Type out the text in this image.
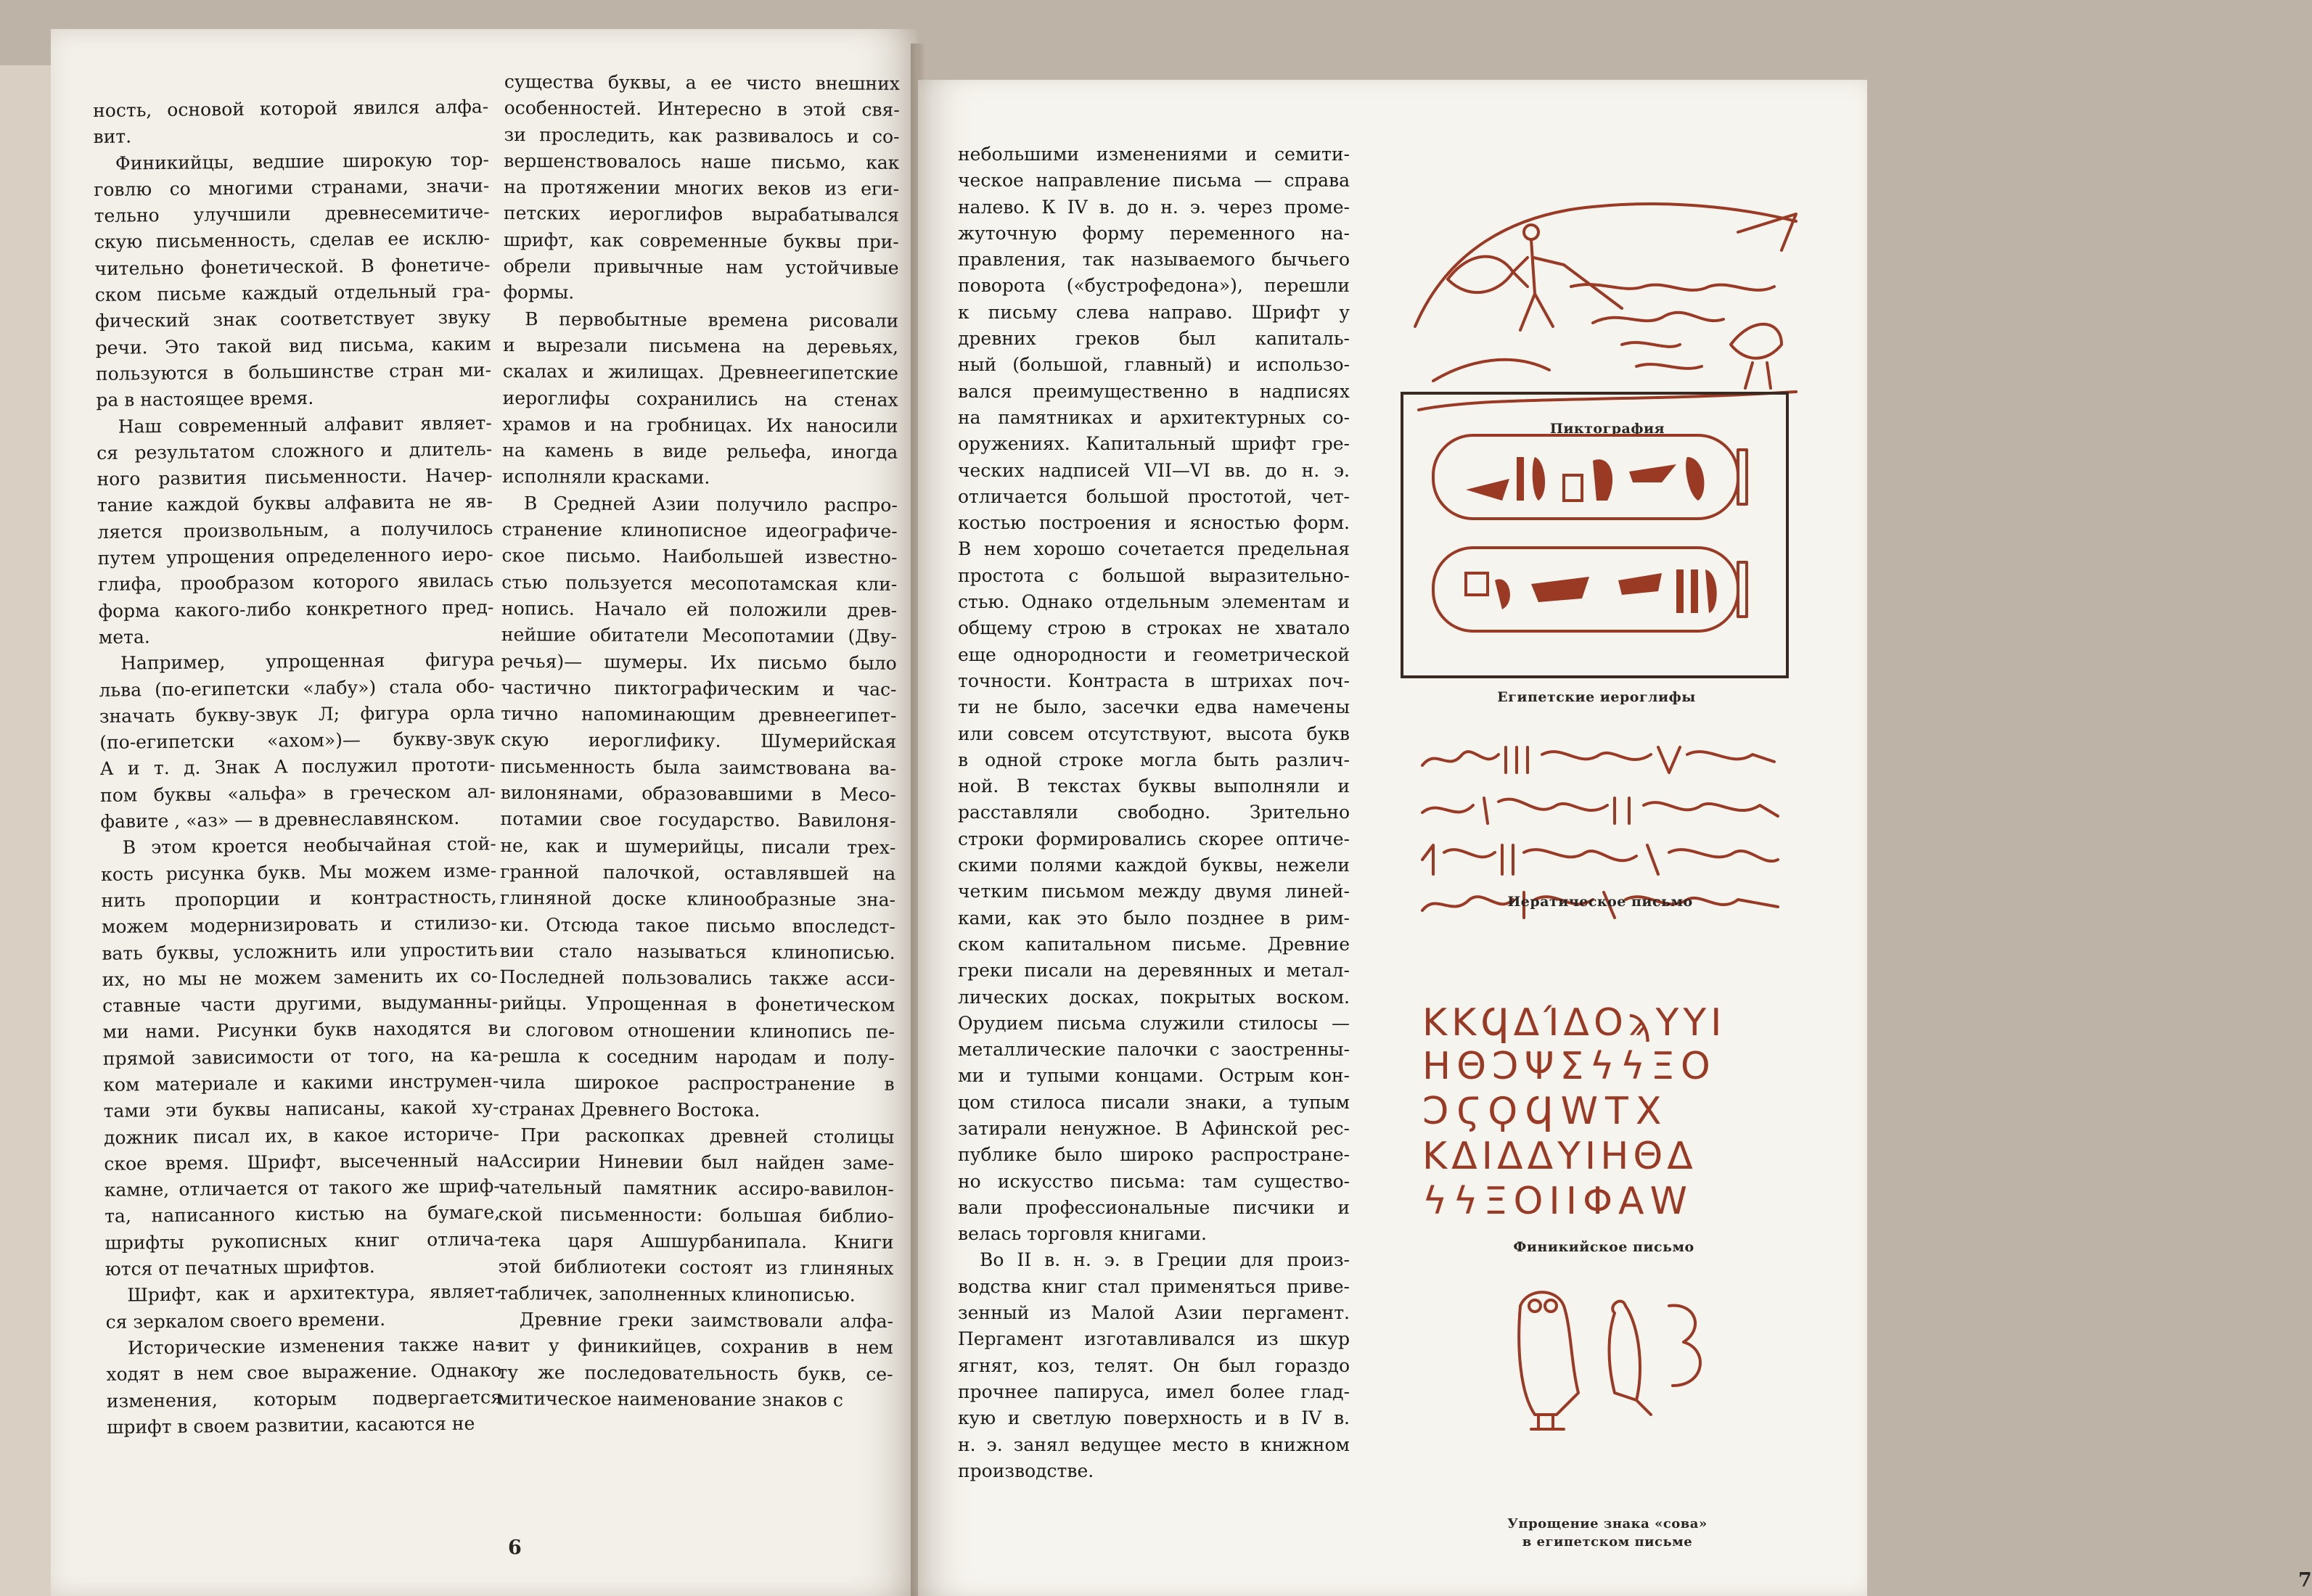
ность, основой которой явился алфа-
вит.

Финикийцы, ведшие широкую тор-
говлю со многими странами, значи-
тельно улучшили древнесемитиче-
скую письменность, сделав ее исклю-
чительно фонетической. В фонетиче-
ском письме каждый отдельный гра-
фический знак соответствует звуку
речи. Это такой вид письма, каким
пользуются в большинстве стран ми-
ра в настоящее время.

Наш современный алфавит являет-
ся результатом сложного и длитель-
ного развития письменности. Начер-
тание каждой буквы алфавита не яв-
ляется произвольным, а получилось
путем упрощения определенного иеро-
глифа, прообразом которого явилась
форма какого-либо конкретного пред-
мета.

Например, упрощенная фигура
льва (по-египетски «лабу») стала обо-
значать букву-звук Л; фигура орла
(по-египетски «ахом»)— букву-звук
А и т. д. Знак А послужил прототи-
пом буквы «альфа» в греческом ал-
фавите , «аз» — в древнеславянском.

В этом кроется необычайная стой-
кость рисунка букв. Мы можем изме-
нить пропорции и контрастность,
можем модернизировать и стилизо-
вать буквы, усложнить или упростить
их, но мы не можем заменить их со-
ставные части другими, выдуманны-
ми нами. Рисунки букв находятся в
прямой зависимости от того, на ка-
ком материале и какими инструмен-
тами эти буквы написаны, какой ху-
дожник писал их, в какое историче-
ское время. Шрифт, высеченный на
камне, отличается от такого же шриф-
та, написанного кистью на бумаге,
шрифты рукописных книг отлича-
ются от печатных шрифтов.

Шрифт, как и архитектура, являет-
ся зеркалом своего времени.

Исторические изменения также на-
ходят в нем свое выражение. Однако
изменения, которым подвергается
шрифт в своем развитии, касаются не

существа буквы, а ее чисто внешних
особенностей. Интересно в этой свя-
зи проследить, как развивалось и со-
вершенствовалось наше письмо, как
на протяжении многих веков из еги-
петских иероглифов вырабатывался
шрифт, как современные буквы при-
обрели привычные нам устойчивые
формы.

В первобытные времена рисовали
и вырезали письмена на деревьях,
скалах и жилищах. Древнеегипетские
иероглифы сохранились на стенах
храмов и на гробницах. Их наносили
на камень в виде рельефа, иногда
исполняли красками.

В Средней Азии получило распро-
странение клинописное идеографиче-
ское письмо. Наибольшей известно-
стью пользуется месопотамская кли-
нопись. Начало ей положили древ-
нейшие обитатели Месопотамии (Дву-
речья)— шумеры. Их письмо было
частично пиктографическим и час-
тично напоминающим древнеегипет-
скую иероглифику. Шумерийская
письменность была заимствована ва-
вилонянами, образовавшими в Месо-
потамии свое государство. Вавилоня-
не, как и шумерийцы, писали трех-
гранной палочкой, оставлявшей на
глиняной доске клинообразные зна-
ки. Отсюда такое письмо впоследст-
вии стало называться клинописью.
Последней пользовались также асси-
рийцы. Упрощенная в фонетическом
и слоговом отношении клинопись пе-
решла к соседним народам и полу-
чила широкое распространение в
странах Древнего Востока.

При раскопках древней столицы
Ассирии Ниневии был найден заме-
чательный памятник ассиро-вавилон-
ской письменности: большая библио-
тека царя Ашшурбанипала. Книги
этой библиотеки состоят из глиняных
табличек, заполненных клинописью.

Древние греки заимствовали алфа-
вит у финикийцев, сохранив в нем
ту же последовательность букв, се-
митическое наименование знаков с

6

небольшими изменениями и семити-
ческое направление письма — справа
налево. К IV в. до н. э. через проме-
жуточную форму переменного на-
правления, так называемого бычьего
поворота («бустрофедона»), перешли
к письму слева направо. Шрифт у
древних греков был капиталь-
ный (большой, главный) и использо-
вался преимущественно в надписях
на памятниках и архитектурных со-
оружениях. Капитальный шрифт гре-
ческих надписей VII—VI вв. до н. э.
отличается большой простотой, чет-
костью построения и ясностью форм.
В нем хорошо сочетается предельная
простота с большой выразительно-
стью. Однако отдельным элементам и
общему строю в строках не хватало
еще однородности и геометрической
точности. Контраста в штрихах поч-
ти не было, засечки едва намечены
или совсем отсутствуют, высота букв
в одной строке могла быть различ-
ной. В текстах буквы выполняли и
расставляли свободно. Зрительно
строки формировались скорее оптиче-
скими полями каждой буквы, нежели
четким письмом между двумя линей-
ками, как это было позднее в рим-
ском капитальном письме. Древние
греки писали на деревянных и метал-
лических досках, покрытых воском.
Орудием письма служили стилосы —
металлические палочки с заостренны-
ми и тупыми концами. Острым кон-
цом стилоса писали знаки, а тупым
затирали ненужное. В Афинской рес-
публике было широко распростране-
но искусство письма: там существо-
вали профессиональные писчики и
велась торговля книгами.

Во II в. н. э. в Греции для произ-
водства книг стал применяться приве-
зенный из Малой Азии пергамент.
Пергамент изготавливался из шкур
ягнят, коз, телят. Он был гораздо
прочнее папируса, имел более глад-
кую и светлую поверхность и в IV в.
н. э. занял ведущее место в книжном
производстве.

Пиктография
Египетские иероглифы
Иератическое письмо
ΚΚϤΔΊΔΟϡΥΥΙ
ΗΘϽΨΣϟϟΞΟ
ϽϚϘϤWΤΧ
ΚΔΙΔΔΥΙΗΘΔ
ϟϟΞΟΙΙΦΑW
Финикийское письмо
Упрощение знака «сова»
в египетском письме
7
